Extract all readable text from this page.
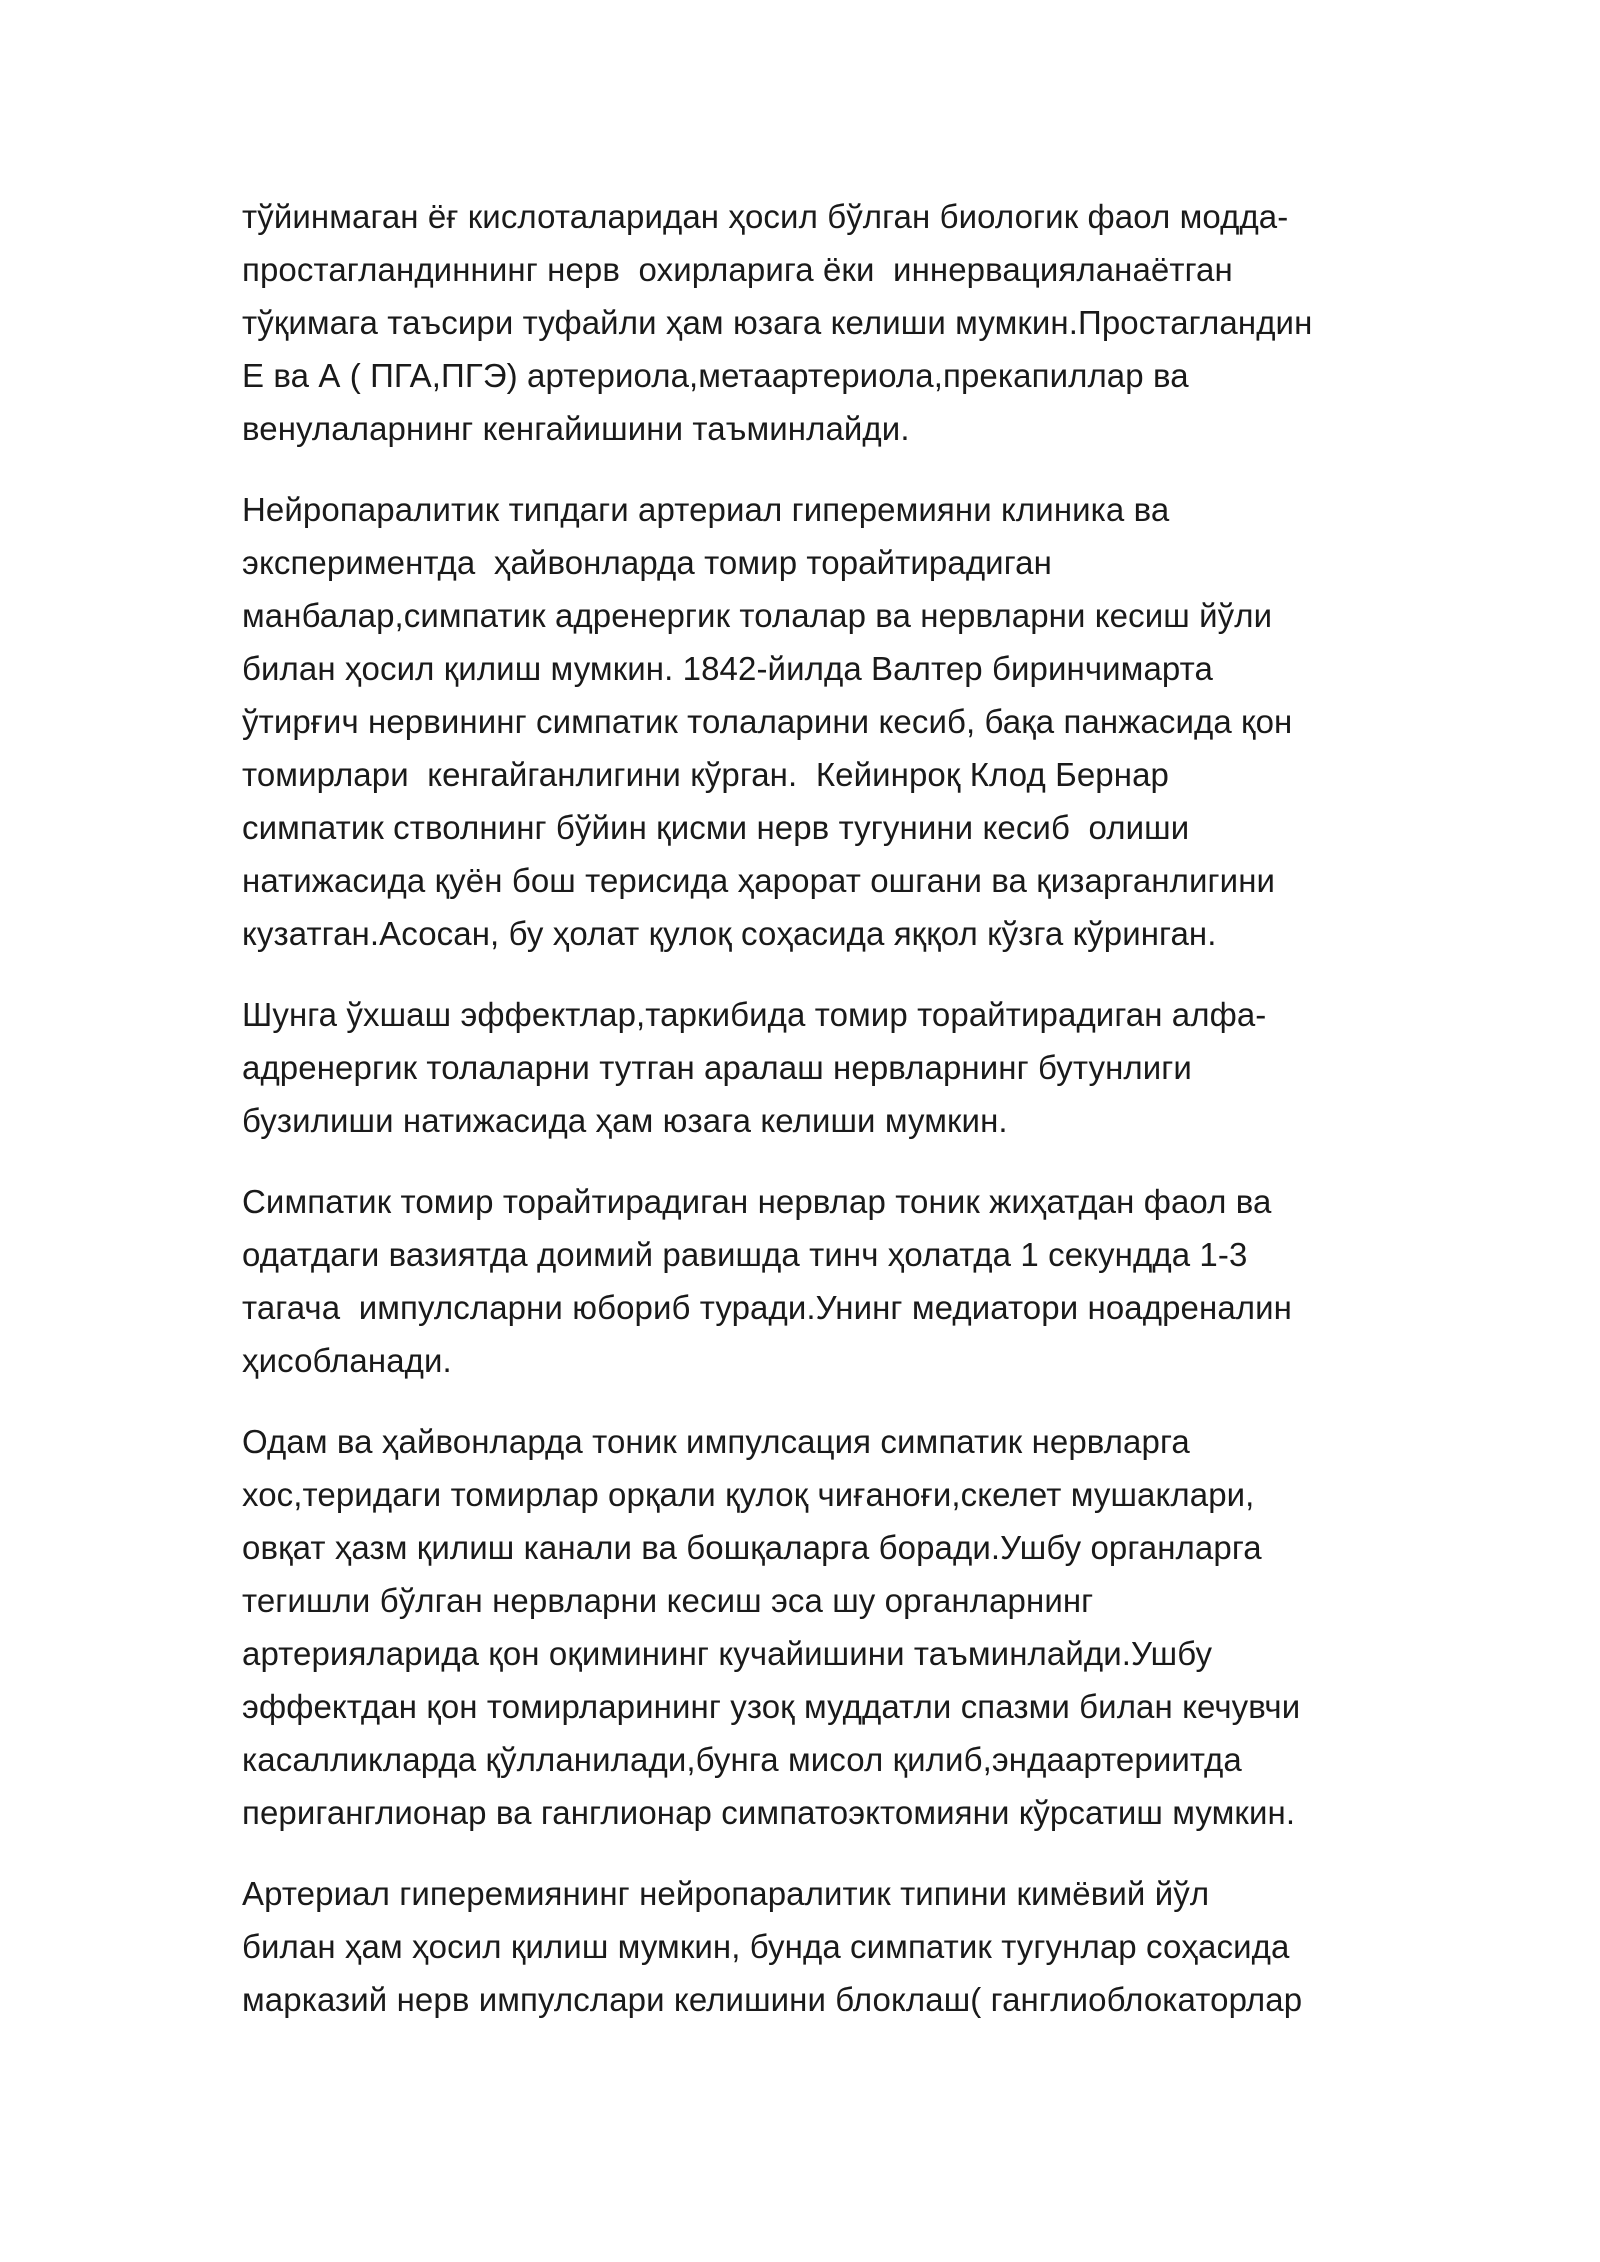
тўйинмаган ёғ кислоталаридан ҳосил бўлган биологик фаол модда-
простагландиннинг нерв  охирларига ёки  иннервацияланаётган
тўқимага таъсири туфайли ҳам юзага келиши мумкин.Простагландин
Е ва А ( ПГА,ПГЭ) артериола,метаартериола,прекапиллар ва
венулаларнинг кенгайишини таъминлайди.

Нейропаралитик типдаги артериал гиперемияни клиника ва
экспериментда  ҳайвонларда томир торайтирадиган
манбалар,симпатик адренергик толалар ва нервларни кесиш йўли
билан ҳосил қилиш мумкин. 1842-йилда Валтер биринчимарта
ўтирғич нервининг симпатик толаларини кесиб, бақа панжасида қон
томирлари  кенгайганлигини кўрган.  Кейинроқ Клод Бернар
симпатик стволнинг бўйин қисми нерв тугунини кесиб  олиши
натижасида қуён бош терисида ҳарорат ошгани ва қизарганлигини
кузатган.Асосан, бу ҳолат қулоқ соҳасида яққол кўзга кўринган.

Шунга ўхшаш эффектлар,таркибида томир торайтирадиган алфа-
адренергик толаларни тутган аралаш нервларнинг бутунлиги
бузилиши натижасида ҳам юзага келиши мумкин.

Симпатик томир торайтирадиган нервлар тоник жиҳатдан фаол ва
одатдаги вазиятда доимий равишда тинч ҳолатда 1 секундда 1-3
тагача  импулсларни юбориб туради.Унинг медиатори ноадреналин
ҳисобланади.

Одам ва ҳайвонларда тоник импулсация симпатик нервларга
хос,теридаги томирлар орқали қулоқ чиғаноғи,скелет мушаклари,
овқат ҳазм қилиш канали ва бошқаларга боради.Ушбу органларга
тегишли бўлган нервларни кесиш эса шу органларнинг
артерияларида қон оқимининг кучайишини таъминлайди.Ушбу
эффектдан қон томирларининг узоқ муддатли спазми билан кечувчи
касалликларда қўлланилади,бунга мисол қилиб,эндаартериитда
периганглионар ва ганглионар симпатоэктомияни кўрсатиш мумкин.

Артериал гиперемиянинг нейропаралитик типини кимёвий йўл
билан ҳам ҳосил қилиш мумкин, бунда симпатик тугунлар соҳасида
марказий нерв импулслари келишини блоклаш( ганглиоблокаторлар
